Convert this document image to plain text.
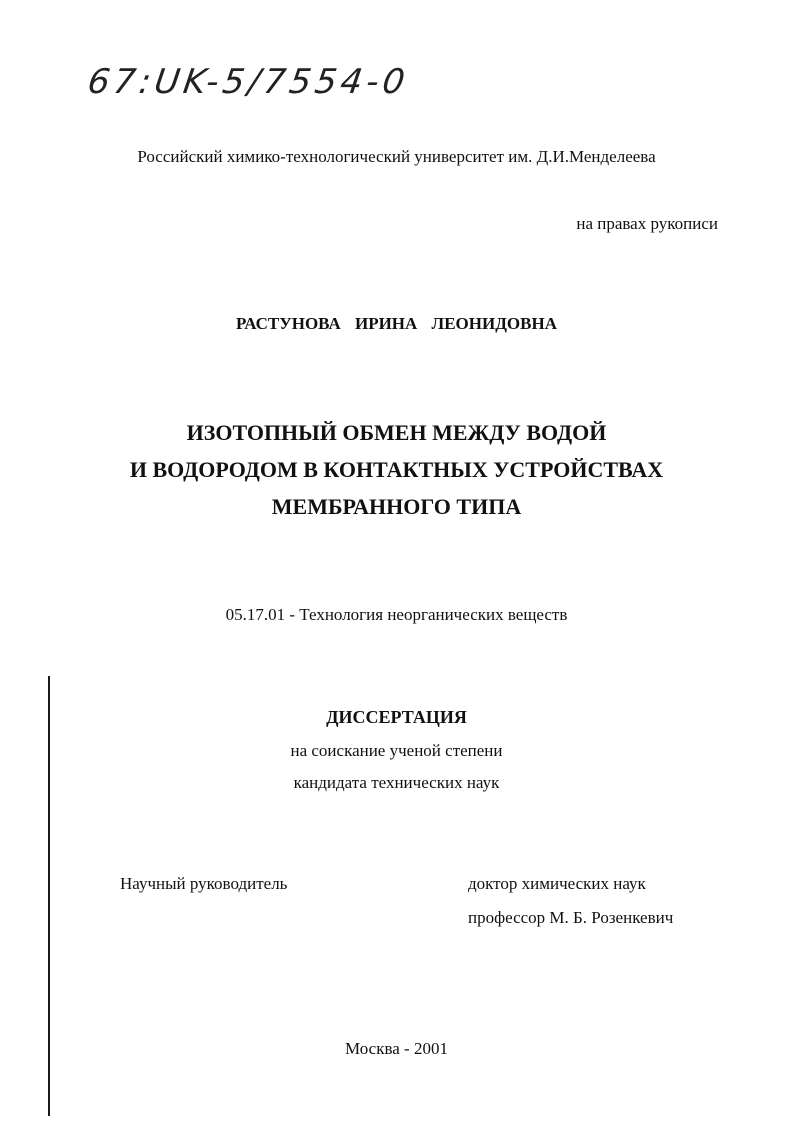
67:UK-5/7554-0
Российский химико-технологический университет им. Д.И.Менделеева
на правах рукописи
РАСТУНОВА ИРИНА ЛЕОНИДОВНА
ИЗОТОПНЫЙ ОБМЕН МЕЖДУ ВОДОЙ
И ВОДОРОДОМ В КОНТАКТНЫХ УСТРОЙСТВАХ
МЕМБРАННОГО ТИПА
05.17.01 - Технология неорганических веществ
ДИССЕРТАЦИЯ
на соискание ученой степени
кандидата технических наук
Научный руководитель	доктор химических наук
профессор М. Б. Розенкевич
Москва - 2001
